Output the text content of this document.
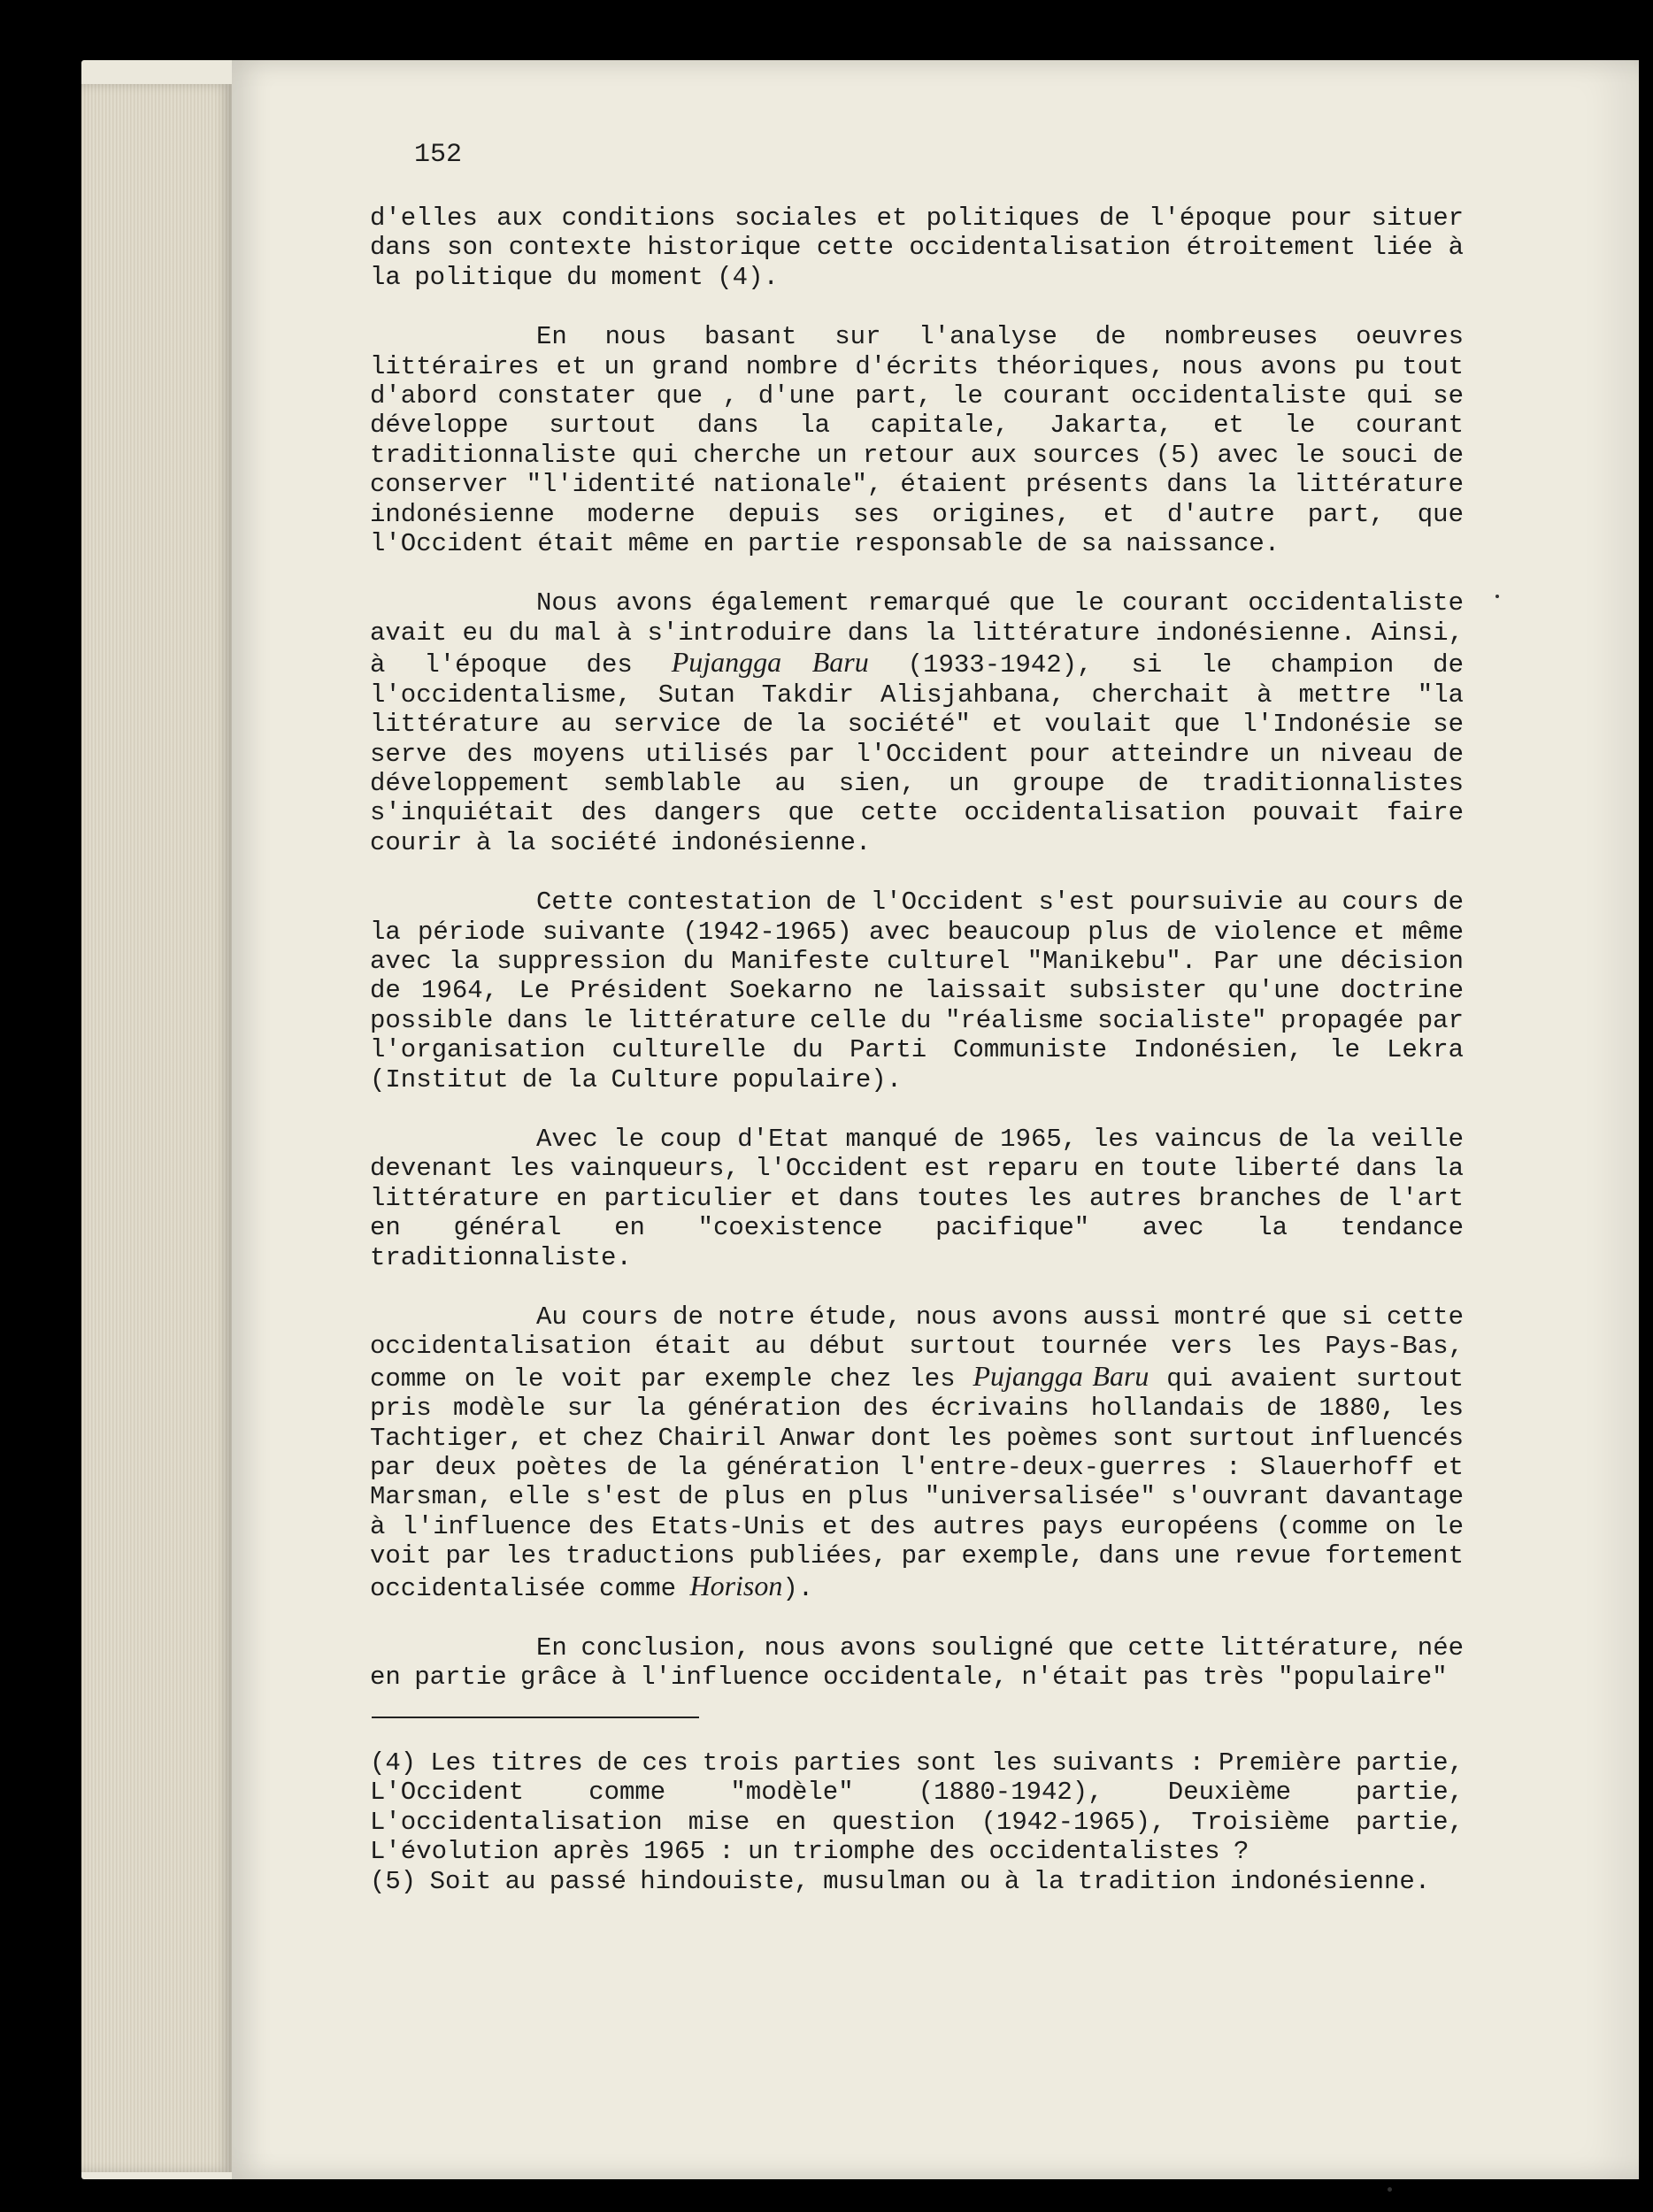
152

d'elles aux conditions sociales et politiques de l'époque pour situer dans son contexte historique cette occidentalisation étroitement liée à la politique du moment (4).

En nous basant sur l'analyse de nombreuses oeuvres littéraires et un grand nombre d'écrits théoriques, nous avons pu tout d'abord constater que , d'une part, le courant occidentaliste qui se développe surtout dans la capitale, Jakarta, et le courant traditionnaliste qui cherche un retour aux sources (5) avec le souci de conserver "l'identité nationale", étaient présents dans la littérature indonésienne moderne depuis ses origines, et d'autre part, que l'Occident était même en partie responsable de sa naissance.

Nous avons également remarqué que le courant occidentaliste avait eu du mal à s'introduire dans la littérature indonésienne. Ainsi, à l'époque des Pujangga Baru (1933-1942), si le champion de l'occidentalisme, Sutan Takdir Alisjahbana, cherchait à mettre "la littérature au service de la société" et voulait que l'Indonésie se serve des moyens utilisés par l'Occident pour atteindre un niveau de développement semblable au sien, un groupe de traditionnalistes s'inquiétait des dangers que cette occidentalisation pouvait faire courir à la société indonésienne.

Cette contestation de l'Occident s'est poursuivie au cours de la période suivante (1942-1965) avec beaucoup plus de violence et même avec la suppression du Manifeste culturel "Manikebu". Par une décision de 1964, Le Président Soekarno ne laissait subsister qu'une doctrine possible dans le littérature celle du "réalisme socialiste" propagée par l'organisation culturelle du Parti Communiste Indonésien, le Lekra (Institut de la Culture populaire).

Avec le coup d'Etat manqué de 1965, les vaincus de la veille devenant les vainqueurs, l'Occident est reparu en toute liberté dans la littérature en particulier et dans toutes les autres branches de l'art en général en "coexistence pacifique" avec la tendance traditionnaliste.

Au cours de notre étude, nous avons aussi montré que si cette occidentalisation était au début surtout tournée vers les Pays-Bas, comme on le voit par exemple chez les Pujangga Baru qui avaient surtout pris modèle sur la génération des écrivains hollandais de 1880, les Tachtiger, et chez Chairil Anwar dont les poèmes sont surtout influencés par deux poètes de la génération l'entre-deux-guerres : Slauerhoff et Marsman, elle s'est de plus en plus "universalisée" s'ouvrant davantage à l'influence des Etats-Unis et des autres pays européens (comme on le voit par les traductions publiées, par exemple, dans une revue fortement occidentalisée comme Horison).

En conclusion, nous avons souligné que cette littérature, née en partie grâce à l'influence occidentale, n'était pas très "populaire"

(4) Les titres de ces trois parties sont les suivants : Première partie, L'Occident comme "modèle" (1880-1942), Deuxième partie, L'occidentalisation mise en question (1942-1965), Troisième partie, L'évolution après 1965 : un triomphe des occidentalistes ?

(5) Soit au passé hindouiste, musulman ou à la tradition indonésienne.
